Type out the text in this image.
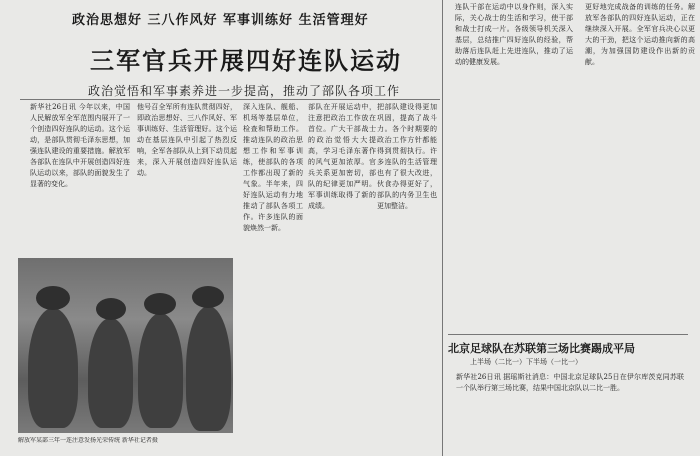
政治思想好 三八作风好 军事训练好 生活管理好
三军官兵开展四好连队运动
政治觉悟和军事素养进一步提高，推动了部队各项工作
新华社26日讯 今年以来，中国人民解放军全军范围内展开了一个创造四好连队的运动。这个运动，是部队贯彻毛泽东思想，加强连队建设的重要措施。解放军各部队在连队中开展创造四好连队运动以来，部队的面貌发生了显著的变化。
他号召全军所有连队贯彻四好，即政治思想好、三八作风好、军事训练好、生活管理好。这个运动在基层连队中引起了热烈反响，全军各部队从上到下动员起来，深入开展创造四好连队运动。
深入连队、舰船、机场等基层单位，检查和帮助工作。推动连队的政治思想工作和军事训练，使部队的各项工作都出现了新的气象。半年来，四好连队运动有力地推动了部队各项工作。许多连队的面貌焕然一新。
部队在开展运动中，注意把政治工作放在首位。广大干部战士的政治觉悟大大提高，学习毛泽东著作的风气更加浓厚。官兵关系更加密切，部队的纪律更加严明。军事训练取得了新的成绩。
把部队建设得更加巩固，提高了战斗力。各个时期要的政治工作方针都能得到贯彻执行。许多连队的生活管理也有了很大改进，伙食办得更好了，部队的内务卫生也更加整洁。
连队干部在运动中以身作则，深入实际，关心战士的生活和学习，使干部和战士打成一片。各级领导机关深入基层，总结推广四好连队的经验，帮助落后连队赶上先进连队，推动了运动的健康发展。
更好地完成战备的训练的任务。解放军各部队的四好连队运动，正在继续深入开展。全军官兵决心以更大的干劲，把这个运动推向新的高潮，为加强国防建设作出新的贡献。
解放军某部三年一连注意发扬光荣传统 新华社记者摄
北京足球队在苏联第三场比赛踢成平局
上半场（二比一）下半场（一比一）
新华社26日讯 据瑶斯社消息：中国北京足球队25日在伊尔库茨克同苏联一个队举行第三场比赛，结果中国北京队以二比一胜。
